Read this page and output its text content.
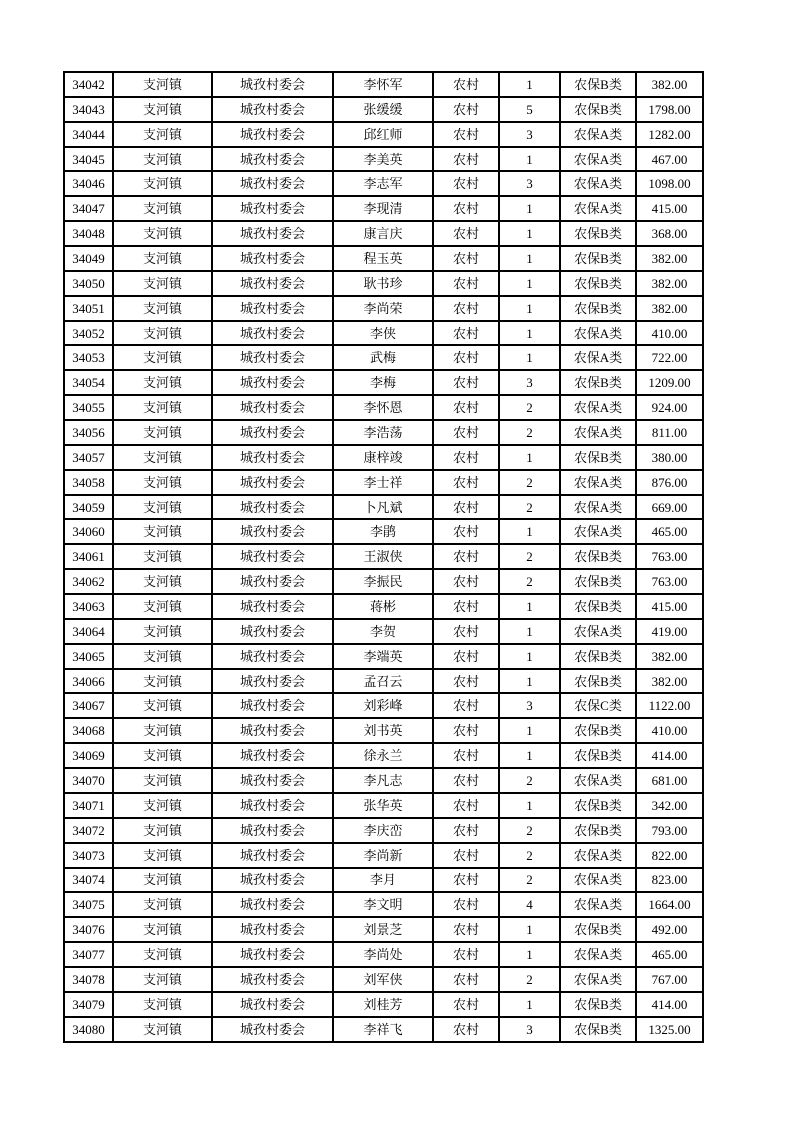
34042	支河镇	城孜村委会	李怀军	农村	1	农保B类	382.00
34043	支河镇	城孜村委会	张缓缓	农村	5	农保B类	1798.00
34044	支河镇	城孜村委会	邱红师	农村	3	农保A类	1282.00
34045	支河镇	城孜村委会	李美英	农村	1	农保A类	467.00
34046	支河镇	城孜村委会	李志军	农村	3	农保A类	1098.00
34047	支河镇	城孜村委会	李现清	农村	1	农保A类	415.00
34048	支河镇	城孜村委会	康言庆	农村	1	农保B类	368.00
34049	支河镇	城孜村委会	程玉英	农村	1	农保B类	382.00
34050	支河镇	城孜村委会	耿书珍	农村	1	农保B类	382.00
34051	支河镇	城孜村委会	李尚荣	农村	1	农保B类	382.00
34052	支河镇	城孜村委会	李侠	农村	1	农保A类	410.00
34053	支河镇	城孜村委会	武梅	农村	1	农保A类	722.00
34054	支河镇	城孜村委会	李梅	农村	3	农保B类	1209.00
34055	支河镇	城孜村委会	李怀恩	农村	2	农保A类	924.00
34056	支河镇	城孜村委会	李浩荡	农村	2	农保A类	811.00
34057	支河镇	城孜村委会	康梓竣	农村	1	农保B类	380.00
34058	支河镇	城孜村委会	李士祥	农村	2	农保A类	876.00
34059	支河镇	城孜村委会	卜凡斌	农村	2	农保A类	669.00
34060	支河镇	城孜村委会	李鹃	农村	1	农保A类	465.00
34061	支河镇	城孜村委会	王淑侠	农村	2	农保B类	763.00
34062	支河镇	城孜村委会	李振民	农村	2	农保B类	763.00
34063	支河镇	城孜村委会	蒋彬	农村	1	农保B类	415.00
34064	支河镇	城孜村委会	李贺	农村	1	农保A类	419.00
34065	支河镇	城孜村委会	李端英	农村	1	农保B类	382.00
34066	支河镇	城孜村委会	孟召云	农村	1	农保B类	382.00
34067	支河镇	城孜村委会	刘彩峰	农村	3	农保C类	1122.00
34068	支河镇	城孜村委会	刘书英	农村	1	农保B类	410.00
34069	支河镇	城孜村委会	徐永兰	农村	1	农保B类	414.00
34070	支河镇	城孜村委会	李凡志	农村	2	农保A类	681.00
34071	支河镇	城孜村委会	张华英	农村	1	农保B类	342.00
34072	支河镇	城孜村委会	李庆峦	农村	2	农保B类	793.00
34073	支河镇	城孜村委会	李尚新	农村	2	农保A类	822.00
34074	支河镇	城孜村委会	李月	农村	2	农保A类	823.00
34075	支河镇	城孜村委会	李文明	农村	4	农保A类	1664.00
34076	支河镇	城孜村委会	刘景芝	农村	1	农保B类	492.00
34077	支河镇	城孜村委会	李尚处	农村	1	农保A类	465.00
34078	支河镇	城孜村委会	刘军侠	农村	2	农保A类	767.00
34079	支河镇	城孜村委会	刘桂芳	农村	1	农保B类	414.00
34080	支河镇	城孜村委会	李祥飞	农村	3	农保B类	1325.00
